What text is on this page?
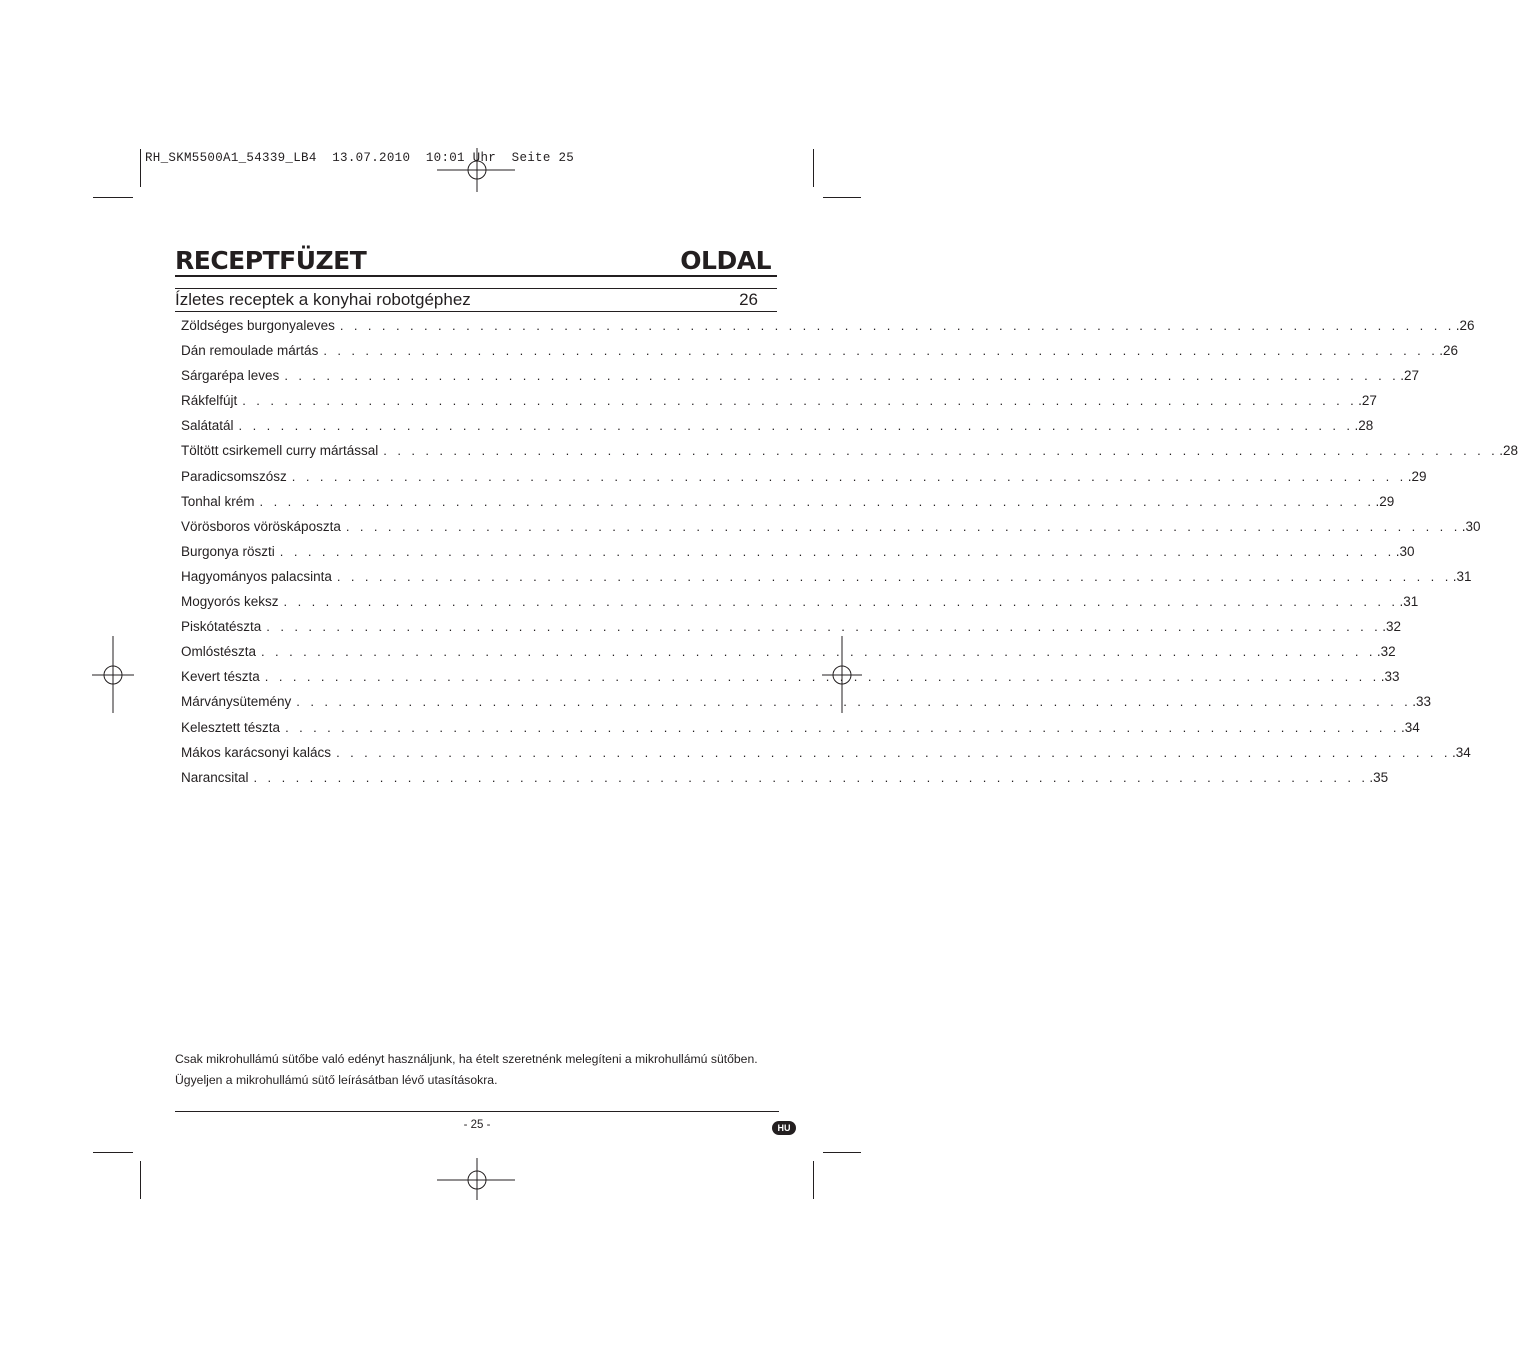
RH_SKM5500A1_54339_LB4  13.07.2010  10:01 Uhr  Seite 25
RECEPTFÜZET	OLDAL
Ízletes receptek a konyhai robotgéphez	26
Zöldséges burgonyaleves . . . . . . . . . . . . . . . . . . . . . . . . . . . . . . . . . . . . . . . . . . . . . . . . . . . . . . . . . . . . . . . . . . . . . . . . . . . . . . . . .26
Dán remoulade mártás . . . . . . . . . . . . . . . . . . . . . . . . . . . . . . . . . . . . . . . . . . . . . . . . . . . . . . . . . . . . . . . . . . . . . . . . . . . . . . . . .26
Sárgarépa leves . . . . . . . . . . . . . . . . . . . . . . . . . . . . . . . . . . . . . . . . . . . . . . . . . . . . . . . . . . . . . . . . . . . . . . . . . . . . . . . . .27
Rákfelfújt . . . . . . . . . . . . . . . . . . . . . . . . . . . . . . . . . . . . . . . . . . . . . . . . . . . . . . . . . . . . . . . . . . . . . . . . . . . . . . . . .27
Salátatál . . . . . . . . . . . . . . . . . . . . . . . . . . . . . . . . . . . . . . . . . . . . . . . . . . . . . . . . . . . . . . . . . . . . . . . . . . . . . . . . .28
Töltött csirkemell curry mártással . . . . . . . . . . . . . . . . . . . . . . . . . . . . . . . . . . . . . . . . . . . . . . . . . . . . . . . . . . . . . . . . . . . . . . . . . . . . . . . . .28
Paradicsomszósz . . . . . . . . . . . . . . . . . . . . . . . . . . . . . . . . . . . . . . . . . . . . . . . . . . . . . . . . . . . . . . . . . . . . . . . . . . . . . . . . .29
Tonhal krém . . . . . . . . . . . . . . . . . . . . . . . . . . . . . . . . . . . . . . . . . . . . . . . . . . . . . . . . . . . . . . . . . . . . . . . . . . . . . . . . .29
Vörösboros vöröskáposzta . . . . . . . . . . . . . . . . . . . . . . . . . . . . . . . . . . . . . . . . . . . . . . . . . . . . . . . . . . . . . . . . . . . . . . . . . . . . . . . . .30
Burgonya röszti . . . . . . . . . . . . . . . . . . . . . . . . . . . . . . . . . . . . . . . . . . . . . . . . . . . . . . . . . . . . . . . . . . . . . . . . . . . . . . . . .30
Hagyományos palacsinta . . . . . . . . . . . . . . . . . . . . . . . . . . . . . . . . . . . . . . . . . . . . . . . . . . . . . . . . . . . . . . . . . . . . . . . . . . . . . . . . .31
Mogyorós keksz . . . . . . . . . . . . . . . . . . . . . . . . . . . . . . . . . . . . . . . . . . . . . . . . . . . . . . . . . . . . . . . . . . . . . . . . . . . . . . . . .31
Piskótatészta . . . . . . . . . . . . . . . . . . . . . . . . . . . . . . . . . . . . . . . . . . . . . . . . . . . . . . . . . . . . . . . . . . . . . . . . . . . . . . . . .32
Omlóstészta . . . . . . . . . . . . . . . . . . . . . . . . . . . . . . . . . . . . . . . . . . . . . . . . . . . . . . . . . . . . . . . . . . . . . . . . . . . . . . . . .32
Kevert tészta . . . . . . . . . . . . . . . . . . . . . . . . . . . . . . . . . . . . . . . . . . . . . . . . . . . . . . . . . . . . . . . . . . . . . . . . . . . . . . . . .33
Márványsütemény . . . . . . . . . . . . . . . . . . . . . . . . . . . . . . . . . . . . . . . . . . . . . . . . . . . . . . . . . . . . . . . . . . . . . . . . . . . . . . . . .33
Kelesztett tészta . . . . . . . . . . . . . . . . . . . . . . . . . . . . . . . . . . . . . . . . . . . . . . . . . . . . . . . . . . . . . . . . . . . . . . . . . . . . . . . . .34
Mákos karácsonyi kalács . . . . . . . . . . . . . . . . . . . . . . . . . . . . . . . . . . . . . . . . . . . . . . . . . . . . . . . . . . . . . . . . . . . . . . . . . . . . . . . . .34
Narancsital . . . . . . . . . . . . . . . . . . . . . . . . . . . . . . . . . . . . . . . . . . . . . . . . . . . . . . . . . . . . . . . . . . . . . . . . . . . . . . . . .35
Csak mikrohullámú sütőbe való edényt használjunk, ha ételt szeretnénk melegíteni a mikrohullámú sütőben.
Ügyeljen a mikrohullámú sütő leírásátban lévő utasításokra.
- 25 -	HU
